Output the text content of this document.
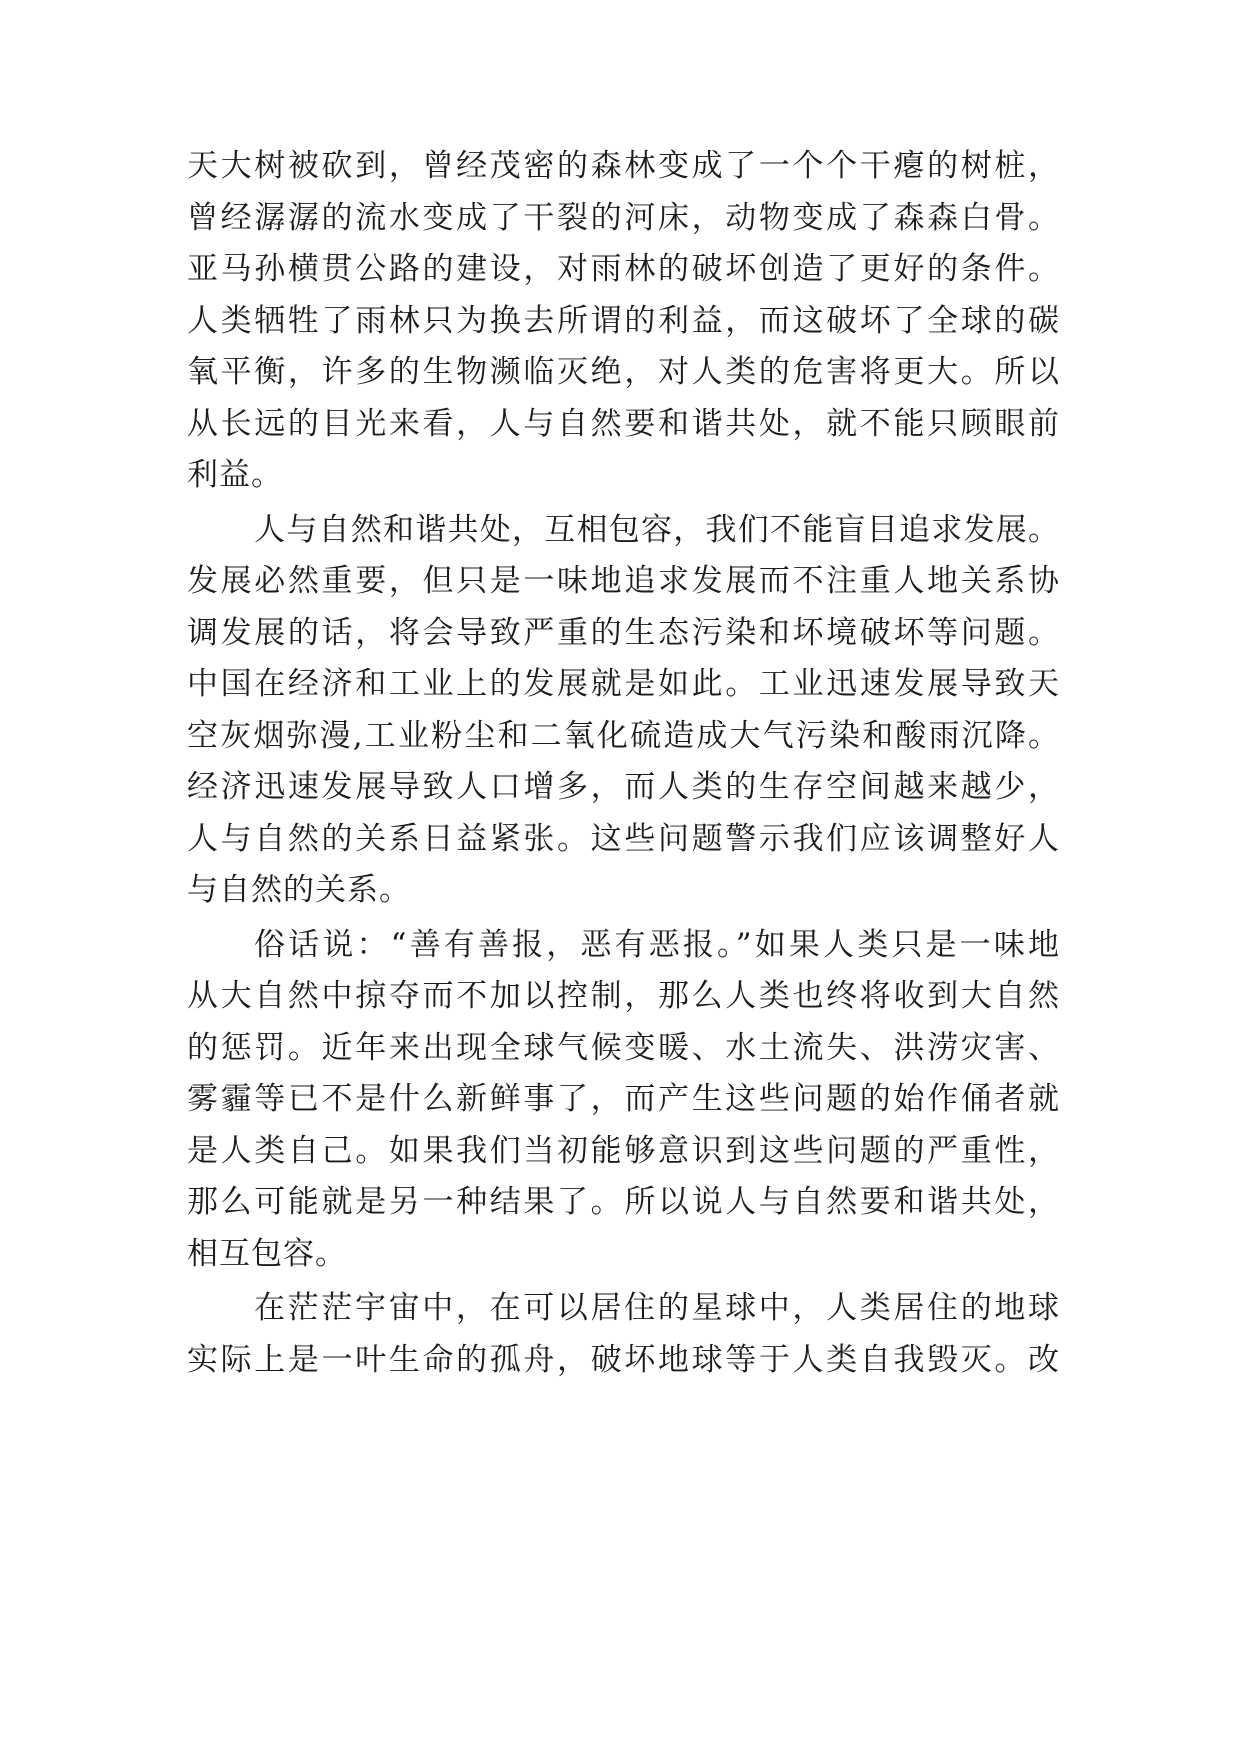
天大树被砍到，曾经茂密的森林变成了一个个干瘪的树桩，
曾经潺潺的流水变成了干裂的河床，动物变成了森森白骨。
亚马孙横贯公路的建设，对雨林的破坏创造了更好的条件。
人类牺牲了雨林只为换去所谓的利益，而这破坏了全球的碳
氧平衡，许多的生物濒临灭绝，对人类的危害将更大。所以
从长远的目光来看，人与自然要和谐共处，就不能只顾眼前
利益。
人与自然和谐共处，互相包容，我们不能盲目追求发展。
发展必然重要，但只是一味地追求发展而不注重人地关系协
调发展的话，将会导致严重的生态污染和坏境破坏等问题。
中国在经济和工业上的发展就是如此。工业迅速发展导致天
空灰烟弥漫,工业粉尘和二氧化硫造成大气污染和酸雨沉降。
经济迅速发展导致人口增多，而人类的生存空间越来越少，
人与自然的关系日益紧张。这些问题警示我们应该调整好人
与自然的关系。
俗话说：“善有善报，恶有恶报。”如果人类只是一味地
从大自然中掠夺而不加以控制，那么人类也终将收到大自然
的惩罚。近年来出现全球气候变暖、水土流失、洪涝灾害、
雾霾等已不是什么新鲜事了，而产生这些问题的始作俑者就
是人类自己。如果我们当初能够意识到这些问题的严重性，
那么可能就是另一种结果了。所以说人与自然要和谐共处，
相互包容。
在茫茫宇宙中，在可以居住的星球中，人类居住的地球
实际上是一叶生命的孤舟，破坏地球等于人类自我毁灭。改
